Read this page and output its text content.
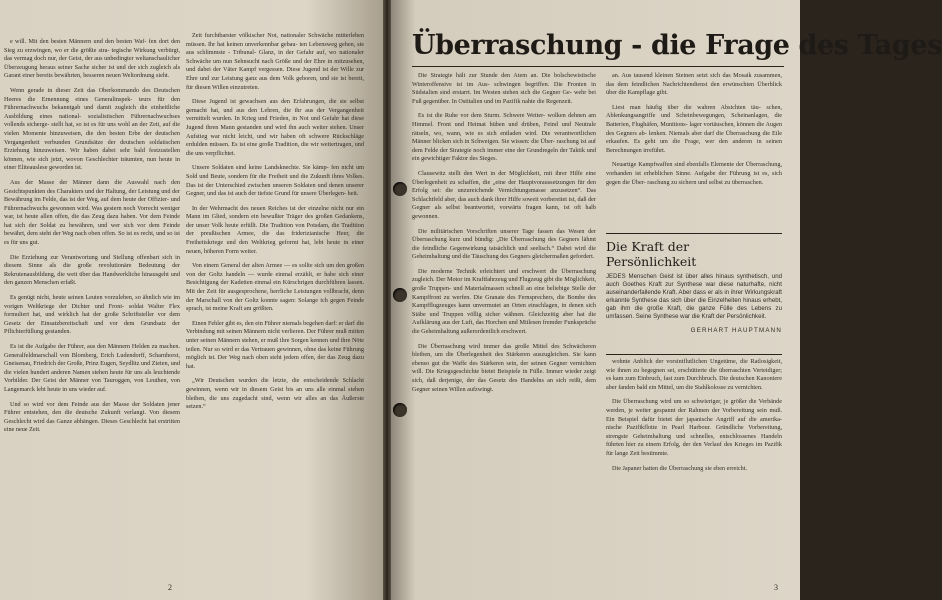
e will. Mit den besten Männern und den besten Waf- fen dort den Sieg zu erzwingen, wo er die größte stra- tegische Wirkung verbürgt, das vermag doch nur, der Geist, der aus unbedingter weltanschaulicher Überzeugung heraus seiner Sache sicher ist und der sich zugleich als Garant einer bereits bewährten, besseren neuen Weltordnung sieht.

Wenn gerade in dieser Zeit das Oberkommando des Deutschen Heeres die Ernennung eines Generalinspek- teurs für den Führernachwuchs bekanntgab und damit zugleich die einheitliche Ausbildung eines national- sozialistischen Führernachwuchses vollends sicherge- stellt hat, so ist es für uns wohl an der Zeit, auf die vielen Momente hinzuweisen, die den besten Erbe der deutschen Vergangenheit verbunden Grundsätze der deutschen soldatischen Erziehung hinzuweisen. Wir haben dabei sehr bald festzustellen können, wie sich jetzt, wovon Geschlechter träumten, nun heute in einer Eliteauslese geworden ist.

Aus der Masse der Männer dann die Auswahl nach den Gesichtspunkten des Charakters und der Haltung, der Leistung und der Bewährung im Felde, das ist der Weg, auf dem heute der Offizier- und Führernachwuchs gewonnen wird. Was gestern noch Vorrecht weniger war, ist heute allen offen, die das Zeug dazu haben. Vor dem Feinde hat sich der Soldat zu bewähren, und wer sich vor dem Feinde bewährt, dem steht der Weg nach oben offen. So ist es recht, und so ist es für uns gut.

Die Erziehung zur Verantwortung und Stellung offenbart sich in diesem Sinne als die große revolutionäre Bedeutung der Rekrutenausbildung, die weit über das Handwerkliche hinausgeht und den ganzen Menschen erfaßt.

Es genügt nicht, heute seinen Leuten vorzuleben, so ähnlich wie im vorigen Weltkriege der Dichter und Front- soldat Walter Flex formuliert hat, und wirklich hat der große Schriftsteller vor dem Gesetz der Einsatzbereitschaft und vor dem Grundsatz der Pflichterfüllung gestanden.

Es ist die Aufgabe der Führer, aus den Männern Helden zu machen. Generalfeldmarschall von Blomberg, Erich Ludendorff, Scharnhorst, Gneisenau, Friedrich der Große, Prinz Eugen, Seydlitz und Zieten, und die vielen hundert anderen Namen stehen heute für uns als leuchtende Vorbilder. Der Geist der Männer von Tauroggen, von Leuthen, von Langemarck lebt heute in uns wieder auf.

Und so wird vor dem Feinde aus der Masse der Soldaten jener Führer entstehen, den die deutsche Zukunft verlangt. Von diesem Geschlecht wird das Ganze abhängen. Dieses Geschlecht hat erstritten eine neue Zeit.

Zeit furchtbarster völkischer Not, nationaler Schwäche mitterleben müssen. Ihr hat keinen unverkennbar gebau- ten Lebensweg gehen, sie aus schlimmste - Tribunal- Glanz, in der Gefahr auf, wo nationaler Schwäche um nun Sehnsucht nach Größe und der Ehre in mitzusehen, und dabei der Väter Kampf vergessen. Diese Jugend ist der Wille zur Ehre und zur Leistung ganz aus dem Volk geboren, und sie ist bereit, für diesen Willen einzutreten.

Diese Jugend ist gewachsen aus den Erfahrungen, die sie selbst gemacht hat, und aus den Lehren, die ihr aus der Vergangenheit vermittelt wurden. In Krieg und Frieden, in Not und Gefahr hat diese Jugend ihren Mann gestanden und wird ihn auch weiter stehen. Unser Aufstieg war nicht leicht, und wir haben oft schwere Rückschläge erdulden müssen. Es ist eine große Tradition, die wir weitertragen, und die uns verpflichtet.

Unsere Soldaten sind keine Landsknechte. Sie kämp- fen nicht um Sold und Beute, sondern für die Freiheit und die Zukunft ihres Volkes. Das ist der Unterschied zwischen unseren Soldaten und denen unserer Gegner, und das ist auch der tiefste Grund für unsere Überlegen- heit.

In der Wehrmacht des neuen Reiches ist der einzelne nicht nur ein Mann im Glied, sondern ein bewußter Träger des großen Gedankens, der unser Volk heute erfüllt. Die Tradition von Potsdam, die Tradition der preußischen Armee, die das friderizianische Heer, die Freiheitskriege und den Weltkrieg geformt hat, lebt heute in einer neuen, höheren Form weiter.

Von einem General der alten Armee — es sollte sich um den großen von der Goltz handeln — wurde einmal erzählt, er habe sich einer Besichtigung der Kadetten einmal ein Kürschrigen durchführen lassen. Mit der Zeit für ausgesprochene, herrliche Leistungen vollbracht, denn der Marschall von der Goltz konnte sagen: Solange ich gegen Feinde sprach, ist meine Kraft am größten.

Einen Fehler gibt es, den ein Führer niemals begehen darf: er darf die Verbindung mit seinen Männern nicht verlieren. Der Führer muß mitten unter seinen Männern stehen, er muß ihre Sorgen kennen und ihre Nöte teilen. Nur so wird er das Vertrauen gewinnen, ohne das keine Führung möglich ist. Der Weg nach oben steht jedem offen, der das Zeug dazu hat.

„Wir Deutschen wurden die letzte, die entscheidende Schlacht gewinnen, wenn wir in diesem Geist bis an uns alle einmal stehen bleiben, die uns zugedacht sind, wenn wir alles an das Äußerste setzen.“

2
Überraschung - die Frage des Tages

Die Strategie hält zur Stunde den Atem an. Die bolschewistische Winteroffensive ist im Aus- schwingen begriffen. Die Fronten in Südstalien sind erstarrt. Im Westen stehen sich die Gegner Ge- wehr bei Fuß gegenüber. In Ostitalien und im Pazifik nahte die Regenzeit.

Es ist die Ruhe vor dem Sturm. Schwere Wetter- wolken dehnen am Himmel. Front und Heimat hüben und drüben, Feind und Neutrale rätseln, wo, wann, wie es sich entladen wird. Die verantwortlichen Männer blicken sich in Schweigen. Sie wissen: die Über- raschung ist auf dem Felde der Strategie noch immer eine der Grundregeln der Taktik und ein gewichtiger Faktor des Sieges.

Clausewitz stellt den Wert in der Möglichkeit, mit ihrer Hilfe eine Überlegenheit zu schaffen, die „eine der Hauptvoraussetzungen für den Erfolg sei: die unzureichende Vernichtungsmasse anzusetzen“. Das Schlachtfeld aber, das auch dank ihrer Hilfe soweit vorbereitet ist, daß der Gegner als selbst beantwortet, vorwärts fragen kann, ist oft halb gewonnen.

Die militärischen Vorschriften unserer Tage fassen das Wesen der Überraschung kurz und bündig: „Die Überraschung des Gegners lähmt die feindliche Gegenwirkung tatsächlich und seelisch.“ Dabei wird die Geheimhaltung und die Täuschung des Gegners gleichermaßen gefordert.

Die moderne Technik erleichtert und erschwert die Überraschung zugleich. Der Motor im Kraftfahrzeug und Flugzeug gibt die Möglichkeit, große Truppen- und Materialmassen schnell an eine beliebige Stelle der Kampffront zu werfen. Die Granate des Fernsprechers, die Bombe des Kampfflugzeuges kann unvermutet an Orten einschlagen, in denen sich Stäbe und Truppen völlig sicher wähnen. Gleichzeitig aber hat die Aufklärung aus der Luft, das Horchen und Mitlesen fremder Funksprüche die Geheimhaltung außerordentlich erschwert.

Die Überraschung wird immer das große Mittel des Schwächeren bleiben, um die Überlegenheit des Stärkeren auszugleichen. Sie kann ebenso gut die Waffe des Stärkeren sein, der seinen Gegner vernichten will. Die Kriegsgeschichte bietet Beispiele in Fülle. Immer wieder zeigt sich, daß derjenige, der das Gesetz des Handelns an sich reißt, dem Gegner seinen Willen aufzwingt.

an. Aus tausend kleinen Steinen setzt sich das Mosaik zusammen, das dem feindlichen Nachrichtendienst den erwünschten Überblick über die Kampflage gibt.

Liest man häufig über die wahren Absichten täu- schen, Ablenkungsangriffe und Scheinbewegungen, Scheinanlagen, die Batterien, Flughäfen, Munitions- lager vortäuschen, können die Augen des Gegners ab- lenken. Niemals aber darf die Überraschung die Eile erkaufen. Es geht um die Frage, wer den anderen in seinen Berechnungen irreführt.

Neuartige Kampfwaffen sind ebenfalls Elemente der Überraschung, vorhanden ist erheblichen Sinne. Aufgabe der Führung ist es, sich gegen die Über- raschung zu sichern und selbst zu überraschen.

Die Kraft der Persönlichkeit
JEDES Menschen Geist ist über alles hinaus synthetisch, und auch Goethes Kraft zur Synthese war diese naturhafte, nicht auseinanderfallende Kraft. Aber dass er als in ihrer Wirkungskraft erkannte Synthese das sich über die Einzelheiten hinaus erhebt, gab ihm die große Kraft, die ganze Fülle des Lebens zu umfassen. Seine Synthese war die Kraft der Persönlichkeit.
GERHART HAUPTMANN

wohnte Anblick der vorsintflutlichen Ungetüme, die Ratlosigkeit, wie ihnen zu begegnen sei, erschütterte die überraschten Verteidiger; es kam zum Einbruch, fast zum Durchbruch. Die deutschen Kanoniere aber fanden bald ein Mittel, um die Stahlkolosse zu vernichten.

Die Überraschung wird um so schwieriger, je größer die Verbände werden, je weiter gespannt der Rahmen der Vorbereitung sein muß. Ein Beispiel dafür bietet der japanische Angriff auf die amerika- nische Pazifikflotte in Pearl Harbour. Gründliche Vorbereitung, strengste Geheimhaltung und schnelles, entschlossenes Handeln führten hier zu einem Erfolg, der den Verlauf des Krieges im Pazifik für lange Zeit bestimmte.

Die Japaner hatten die Überraschung sie eben erreicht.

3
